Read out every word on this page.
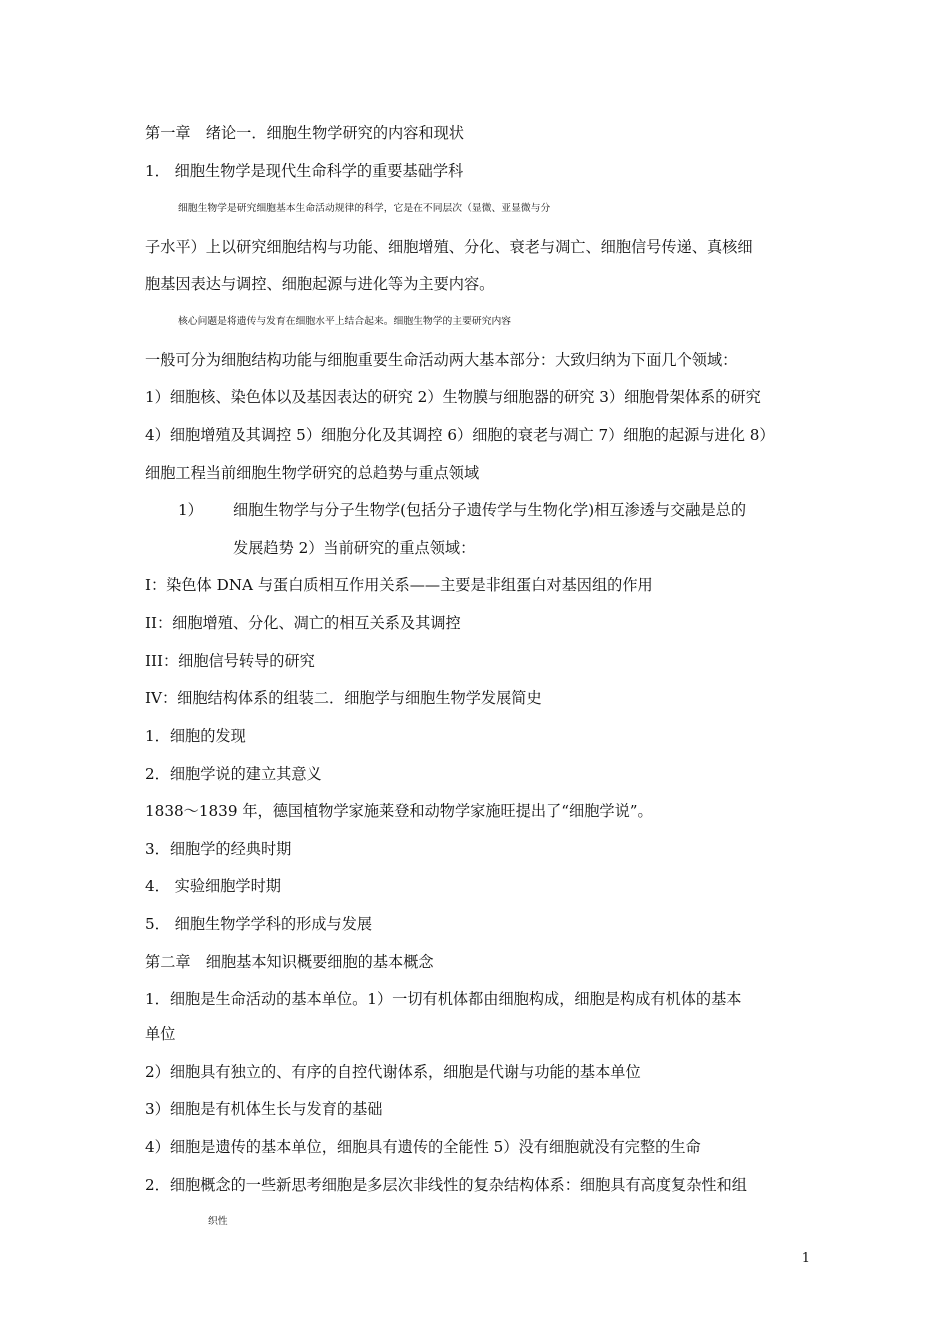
第一章　绪论一．细胞生物学研究的内容和现状
1． 细胞生物学是现代生命科学的重要基础学科
细胞生物学是研究细胞基本生命活动规律的科学，它是在不同层次（显微、亚显微与分
子水平）上以研究细胞结构与功能、细胞增殖、分化、衰老与凋亡、细胞信号传递、真核细
胞基因表达与调控、细胞起源与进化等为主要内容。
核心问题是将遗传与发育在细胞水平上结合起来。细胞生物学的主要研究内容
一般可分为细胞结构功能与细胞重要生命活动两大基本部分：大致归纳为下面几个领域：
1）细胞核、染色体以及基因表达的研究 2）生物膜与细胞器的研究 3）细胞骨架体系的研究
4）细胞增殖及其调控 5）细胞分化及其调控 6）细胞的衰老与凋亡 7）细胞的起源与进化 8）
细胞工程当前细胞生物学研究的总趋势与重点领域
1） 细胞生物学与分子生物学(包括分子遗传学与生物化学)相互渗透与交融是总的
发展趋势 2）当前研究的重点领域：
I：染色体 DNA 与蛋白质相互作用关系——主要是非组蛋白对基因组的作用
II：细胞增殖、分化、凋亡的相互关系及其调控
III：细胞信号转导的研究
IV：细胞结构体系的组装二．细胞学与细胞生物学发展简史
1．细胞的发现
2．细胞学说的建立其意义
1838～1839 年，德国植物学家施莱登和动物学家施旺提出了“细胞学说”。
3．细胞学的经典时期
4． 实验细胞学时期
5． 细胞生物学学科的形成与发展
第二章　细胞基本知识概要细胞的基本概念
1．细胞是生命活动的基本单位。1）一切有机体都由细胞构成，细胞是构成有机体的基本
单位
2）细胞具有独立的、有序的自控代谢体系，细胞是代谢与功能的基本单位
3）细胞是有机体生长与发育的基础
4）细胞是遗传的基本单位，细胞具有遗传的全能性 5）没有细胞就没有完整的生命
2．细胞概念的一些新思考细胞是多层次非线性的复杂结构体系：细胞具有高度复杂性和组
织性
1
